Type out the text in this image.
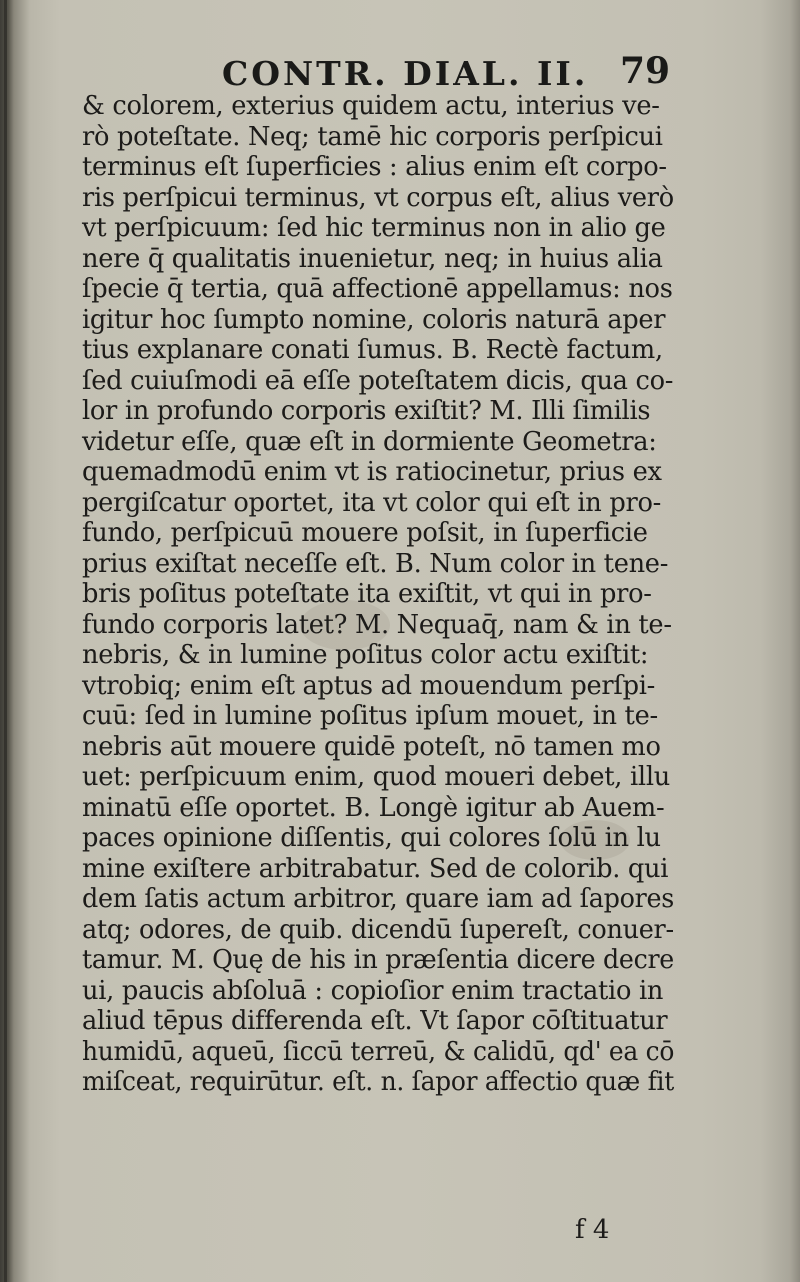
CONTR. DIAL. II. 79
& colorem, exterius quidem actu, interius ve-
rò poteſtate. Neq; tamē hic corporis perſpicui
terminus eſt ſuperficies : alius enim eſt corpo-
ris perſpicui terminus, vt corpus eſt, alius verò
vt perſpicuum: ſed hic terminus non in alio ge
nere q̄ qualitatis inuenietur, neq; in huius alia
ſpecie q̄ tertia, quā affectionē appellamus: nos
igitur hoc ſumpto nomine, coloris naturā aper
tius explanare conati ſumus. B. Rectè factum,
ſed cuiuſmodi eā eſſe poteſtatem dicis, qua co-
lor in profundo corporis exiſtit? M. Illi ſimilis
videtur eſſe, quæ eſt in dormiente Geometra:
quemadmodū enim vt is ratiocinetur, prius ex
pergiſcatur oportet, ita vt color qui eſt in pro-
fundo, perſpicuū mouere poſsit, in ſuperficie
prius exiſtat neceſſe eſt. B. Num color in tene-
bris poſitus poteſtate ita exiſtit, vt qui in pro-
fundo corporis latet? M. Nequaq̄, nam & in te-
nebris, & in lumine poſitus color actu exiſtit:
vtrobiq; enim eſt aptus ad mouendum perſpi-
cuū: ſed in lumine poſitus ipſum mouet, in te-
nebris aūt mouere quidē poteſt, nō tamen mo
uet: perſpicuum enim, quod moueri debet, illu
minatū eſſe oportet. B. Longè igitur ab Auem-
paces opinione diſſentis, qui colores ſolū in lu
mine exiſtere arbitrabatur. Sed de colorib. qui
dem ſatis actum arbitror, quare iam ad ſapores
atq; odores, de quib. dicendū ſupereſt, conuer-
tamur. M. Quę de his in præſentia dicere decre
ui, paucis abſoluā : copioſior enim tractatio in
aliud tēpus differenda eſt. Vt ſapor cōſtituatur
humidū, aqueū, ſiccū terreū, & calidū, qd' ea cō
miſceat, requirūtur. eſt. n. ſapor affectio quæ fit
f 4
